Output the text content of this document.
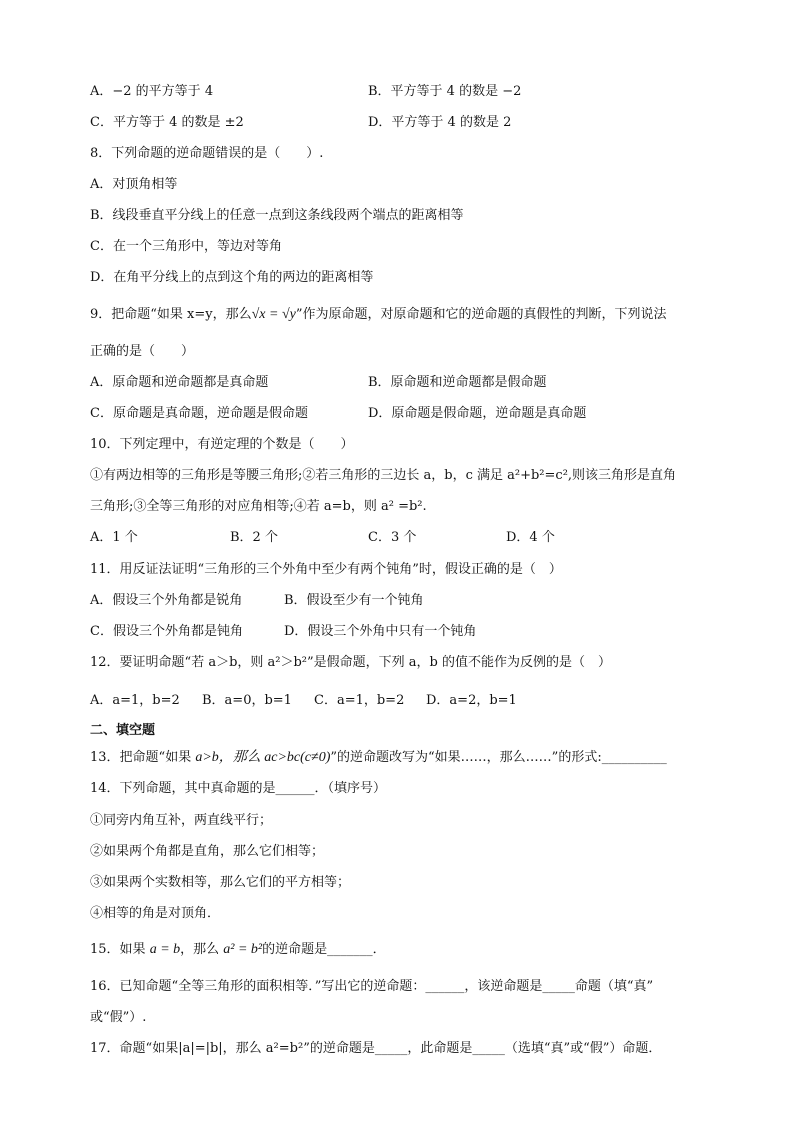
A．−2 的平方等于 4	B．平方等于 4 的数是 −2
C．平方等于 4 的数是 ±2	D．平方等于 4 的数是 2
8．下列命题的逆命题错误的是（　　）.
A．对顶角相等
B．线段垂直平分线上的任意一点到这条线段两个端点的距离相等
C．在一个三角形中，等边对等角
D．在角平分线上的点到这个角的两边的距离相等
9．把命题“如果 x=y，那么√x = √y”作为原命题，对原命题和它的逆命题的真假性的判断，下列说法
正确的是（　　）
A．原命题和逆命题都是真命题	B．原命题和逆命题都是假命题
C．原命题是真命题，逆命题是假命题	D．原命题是假命题，逆命题是真命题
10．下列定理中，有逆定理的个数是（　　）
①有两边相等的三角形是等腰三角形;②若三角形的三边长 a，b，c 满足 a²+b²=c²,则该三角形是直角
三角形;③全等三角形的对应角相等;④若 a=b，则 a² =b².
A．1 个	B．2 个	C．3 个	D．4 个
11．用反证法证明“三角形的三个外角中至少有两个钝角”时，假设正确的是（　）
A．假设三个外角都是锐角	B．假设至少有一个钝角
C．假设三个外角都是钝角	D．假设三个外角中只有一个钝角
12．要证明命题“若 a＞b，则 a²＞b²”是假命题，下列 a，b 的值不能作为反例的是（　）
A．a=1，b=2 B．a=0，b=1 C．a=1，b=2 D．a=2，b=1
二、填空题
13．把命题“如果 a>b，那么 ac>bc(c≠0)”的逆命题改写为“如果……，那么……”的形式:__________
14．下列命题，其中真命题的是______．（填序号）
①同旁内角互补，两直线平行；
②如果两个角都是直角，那么它们相等；
③如果两个实数相等，那么它们的平方相等；
④相等的角是对顶角．
15．如果 a = b，那么 a² = b²的逆命题是_______．
16．已知命题“全等三角形的面积相等．”写出它的逆命题：______，该逆命题是_____命题（填“真”
或“假”）.
17．命题“如果|a|=|b|，那么 a²=b²”的逆命题是_____，此命题是_____（选填“真”或“假”）命题．
